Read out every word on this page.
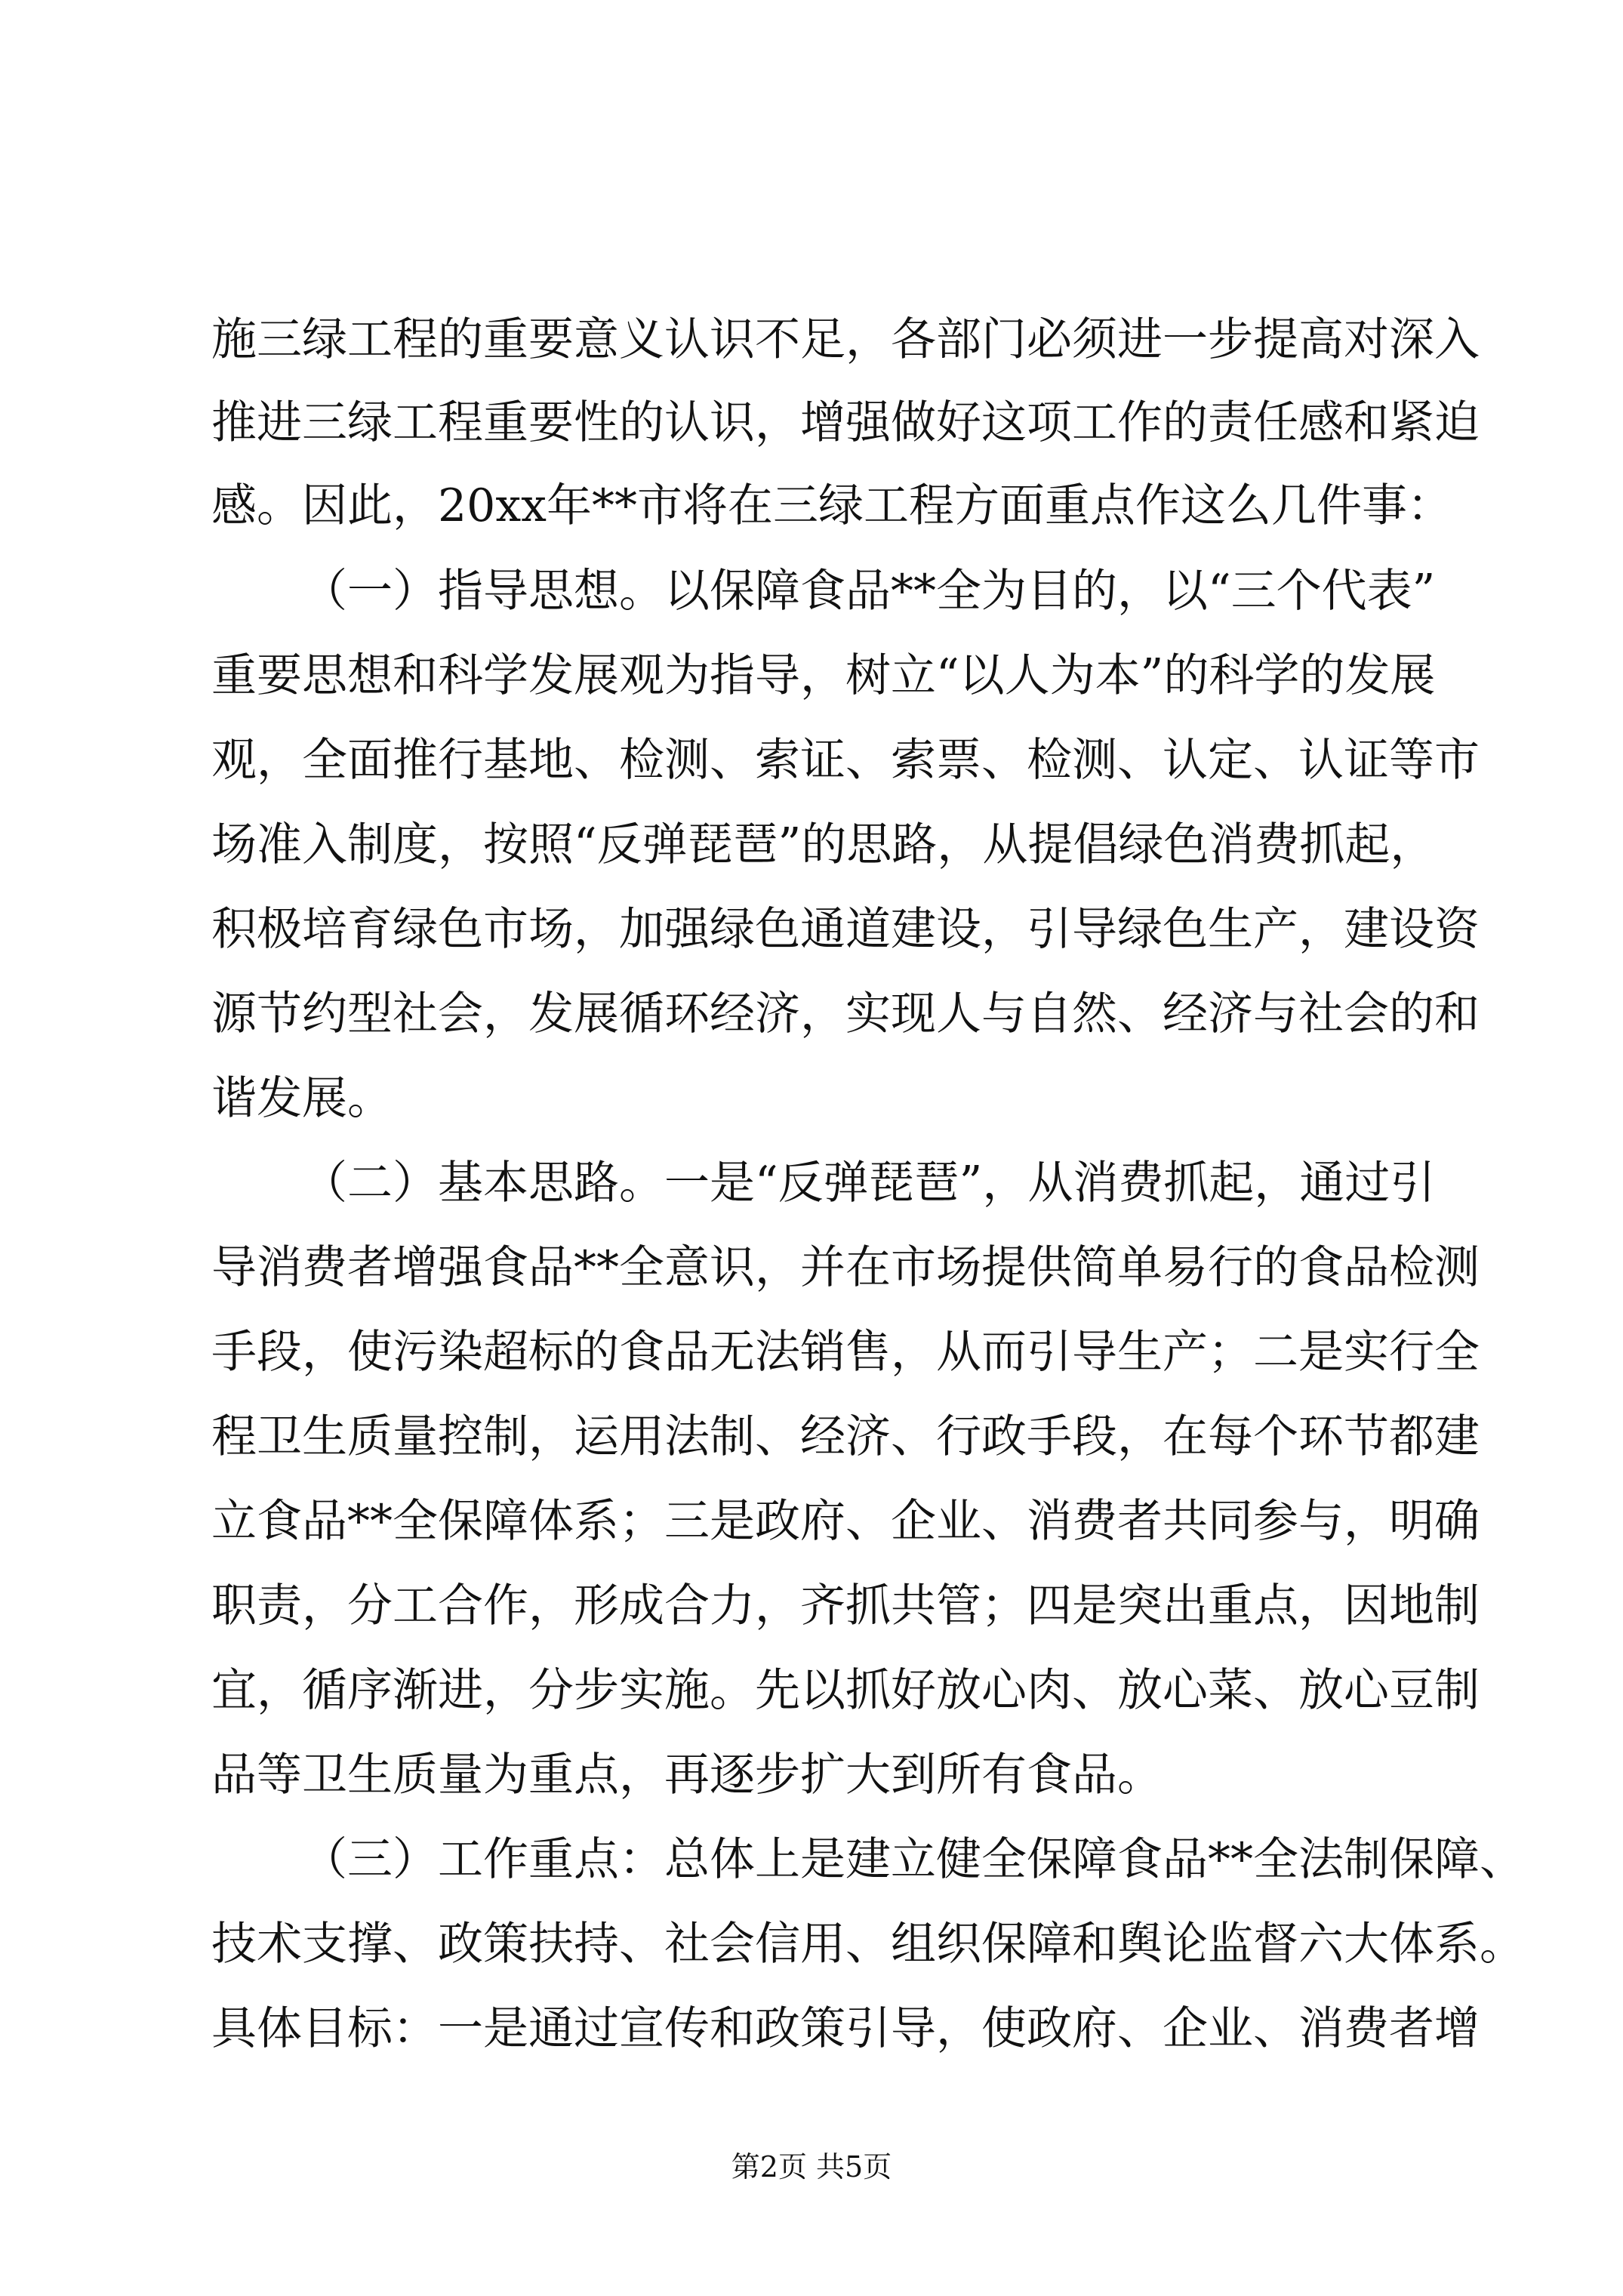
施三绿工程的重要意义认识不足，各部门必须进一步提高对深入
推进三绿工程重要性的认识，增强做好这项工作的责任感和紧迫
感。因此，20xx年**市将在三绿工程方面重点作这么几件事：
（一）指导思想。以保障食品**全为目的，以“三个代表”
重要思想和科学发展观为指导，树立“以人为本”的科学的发展
观，全面推行基地、检测、索证、索票、检测、认定、认证等市
场准入制度，按照“反弹琵琶”的思路，从提倡绿色消费抓起，
积极培育绿色市场，加强绿色通道建设，引导绿色生产，建设资
源节约型社会，发展循环经济，实现人与自然、经济与社会的和
谐发展。
（二）基本思路。一是“反弹琵琶”，从消费抓起，通过引
导消费者增强食品**全意识，并在市场提供简单易行的食品检测
手段，使污染超标的食品无法销售，从而引导生产；二是实行全
程卫生质量控制，运用法制、经济、行政手段，在每个环节都建
立食品**全保障体系；三是政府、企业、消费者共同参与，明确
职责，分工合作，形成合力，齐抓共管；四是突出重点，因地制
宜，循序渐进，分步实施。先以抓好放心肉、放心菜、放心豆制
品等卫生质量为重点，再逐步扩大到所有食品。
（三）工作重点：总体上是建立健全保障食品**全法制保障、
技术支撑、政策扶持、社会信用、组织保障和舆论监督六大体系。
具体目标：一是通过宣传和政策引导，使政府、企业、消费者增
第2页 共5页
